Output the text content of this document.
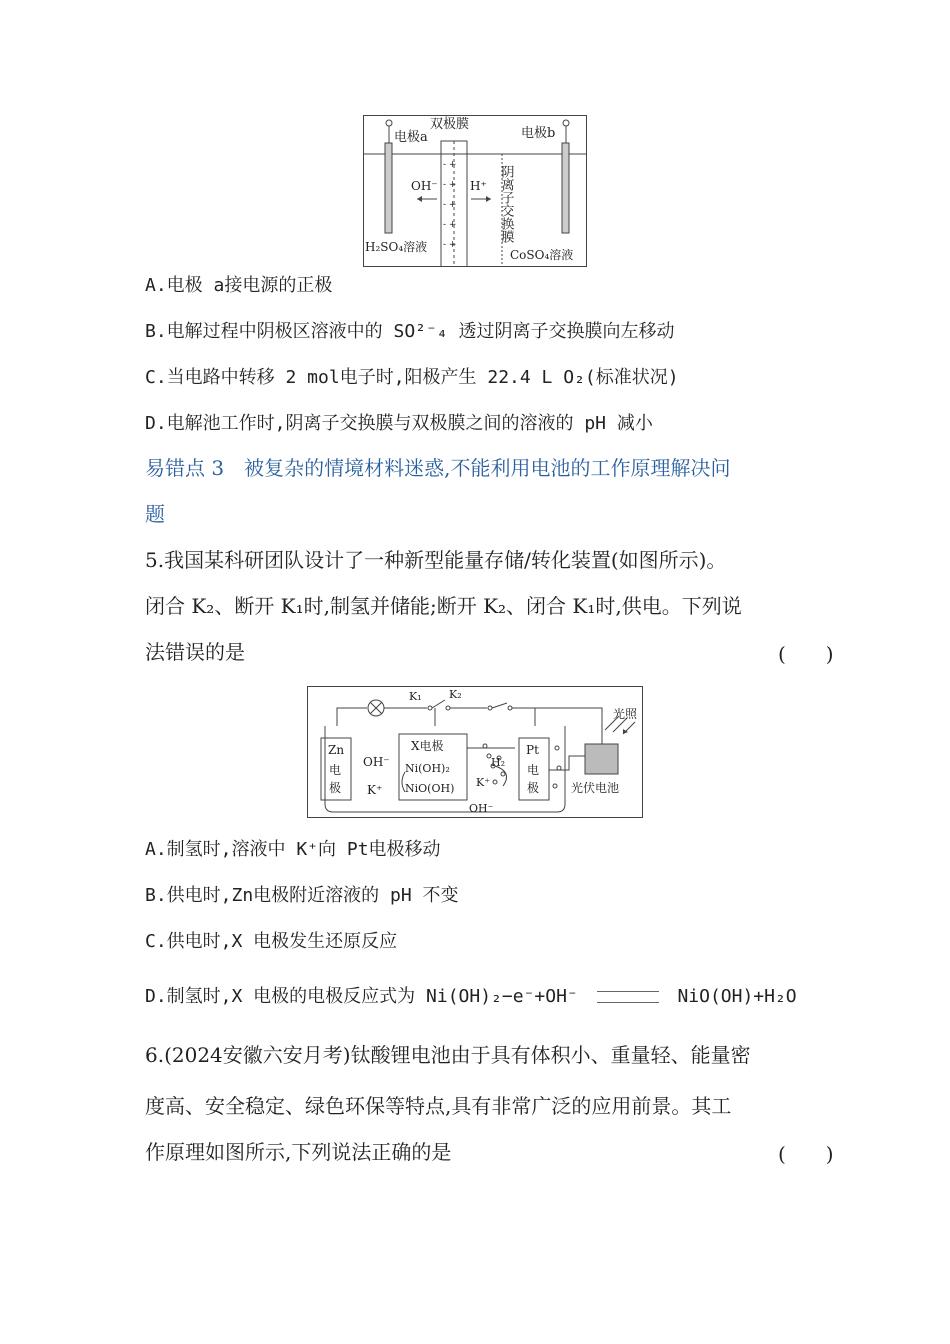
- +
- +
- +
- +
- +
电极a
双极膜
电极b
OH⁻	H⁺ 阴离子交换膜
H₂SO₄溶液
CoSO₄溶液
A.电极 a接电源的正极
B.电解过程中阴极区溶液中的 SO²⁻₄ 透过阴离子交换膜向左移动
C.当电路中转移 2 mol电子时,阳极产生 22.4 L O₂(标准状况)
D.电解池工作时,阴离子交换膜与双极膜之间的溶液的 pH 减小
易错点 3　被复杂的情境材料迷惑,不能利用电池的工作原理解决问
题
5.我国某科研团队设计了一种新型能量存储/转化装置(如图所示)。
闭合 K₂、断开 K₁时,制氢并储能;断开 K₂、闭合 K₁时,供电。下列说
法错误的是	(　　)
K₁ K₂
光照
Zn
电
极
OH⁻
K⁺
X电极
Ni(OH)₂
NiO(OH)
H₂
K⁺
OH⁻
Pt
电
极	光伏电池
A.制氢时,溶液中 K⁺向 Pt电极移动
B.供电时,Zn电极附近溶液的 pH 不变
C.供电时,X 电极发生还原反应
D.制氢时,X 电极的电极反应式为 Ni(OH)₂−e⁻+OH⁻	NiO(OH)+H₂O
6.(2024安徽六安月考)钛酸锂电池由于具有体积小、重量轻、能量密
度高、安全稳定、绿色环保等特点,具有非常广泛的应用前景。其工
作原理如图所示,下列说法正确的是	(　　)
